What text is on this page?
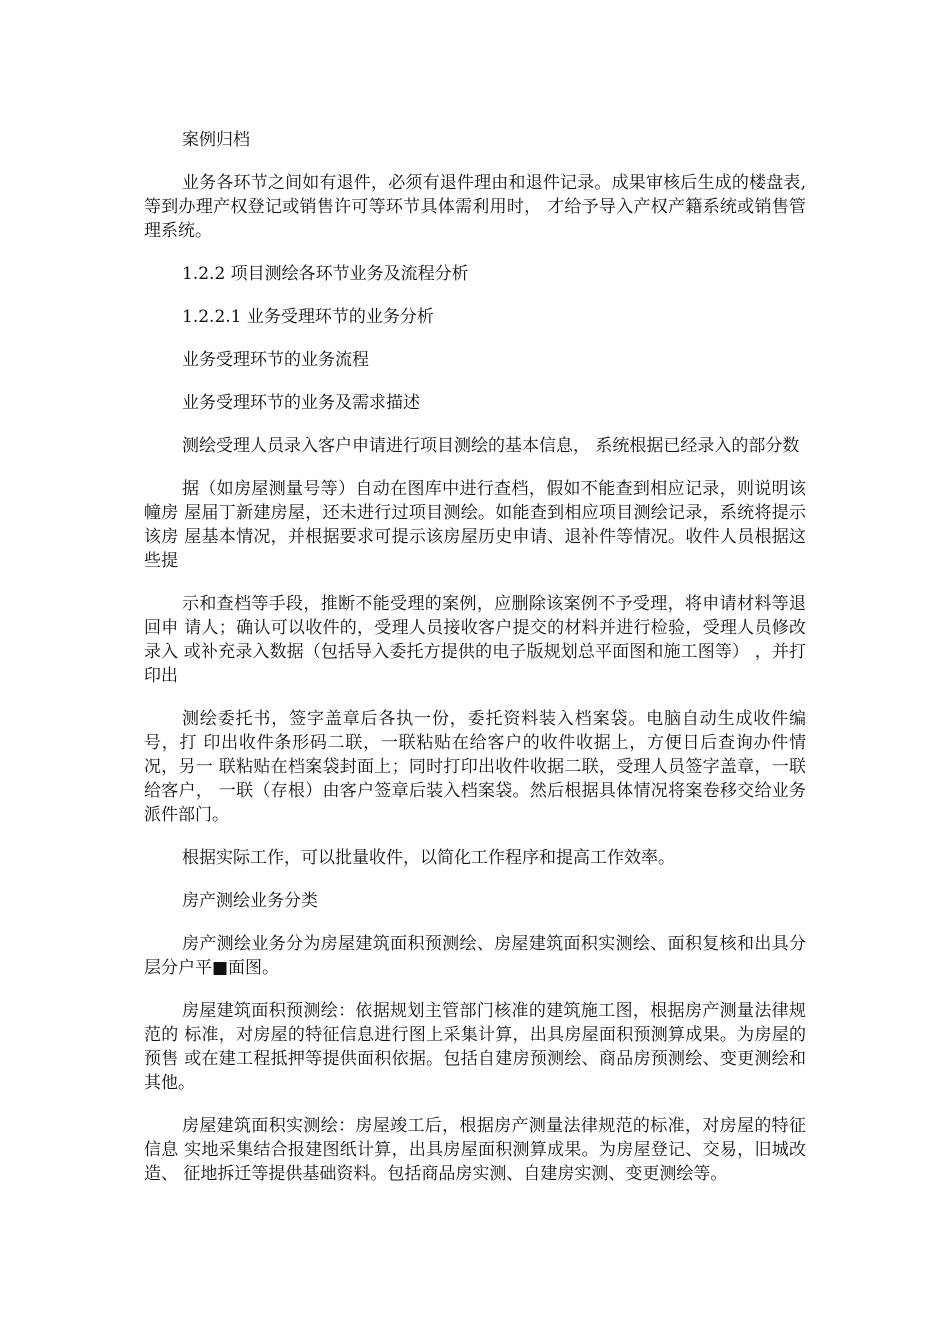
案例归档

业务各环节之间如有退件，必须有退件理由和退件记录。成果审核后生成的楼盘表,等到办理产权登记或销售许可等环节具体需利用时， 才给予导入产权产籍系统或销售管 理系统。

1.2.2 项目测绘各环节业务及流程分析

1.2.2.1 业务受理环节的业务分析

业务受理环节的业务流程

业务受理环节的业务及需求描述

测绘受理人员录入客户申请进行项目测绘的基本信息， 系统根据已经录入的部分数

据（如房屋测量号等）自动在图库中进行查档，假如不能查到相应记录，则说明该幢房 屋届丁新建房屋，还未进行过项目测绘。如能查到相应项目测绘记录，系统将提示该房 屋基本情况，并根据要求可提示该房屋历史申请、退补件等情况。收件人员根据这些提

示和查档等手段，推断不能受理的案例，应删除该案例不予受理，将申请材料等退回申 请人；确认可以收件的，受理人员接收客户提交的材料并进行检验，受理人员修改录入 或补充录入数据（包括导入委托方提供的电子版规划总平面图和施工图等） ，并打印出

测绘委托书，签字盖章后各执一份，委托资料装入档案袋。电脑自动生成收件编号，打 印出收件条形码二联，一联粘贴在给客户的收件收据上，方便日后查询办件情况，另一 联粘贴在档案袋封面上；同时打印出收件收据二联，受理人员签字盖章，一联给客户， 一联（存根）由客户签章后装入档案袋。然后根据具体情况将案卷移交给业务派件部门。

根据实际工作，可以批量收件，以简化工作程序和提高工作效率。

房产测绘业务分类

房产测绘业务分为房屋建筑面积预测绘、房屋建筑面积实测绘、面积复核和出具分 层分户平■面图。

房屋建筑面积预测绘：依据规划主管部门核准的建筑施工图，根据房产测量法律规范的 标准，对房屋的特征信息进行图上采集计算，出具房屋面积预测算成果。为房屋的预售 或在建工程抵押等提供面积依据。包括自建房预测绘、商品房预测绘、变更测绘和其他。

房屋建筑面积实测绘：房屋竣工后，根据房产测量法律规范的标准，对房屋的特征信息 实地采集结合报建图纸计算，出具房屋面积测算成果。为房屋登记、交易，旧城改造、 征地拆迁等提供基础资料。包括商品房实测、自建房实测、变更测绘等。
